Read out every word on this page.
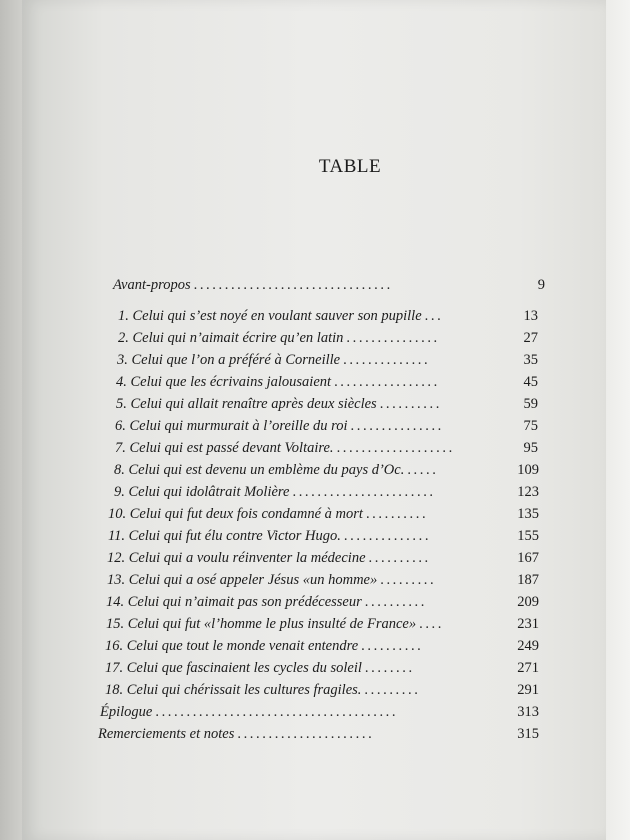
TABLE
Avant-propos ................................	9
1. Celui qui s’est noyé en voulant sauver son pupille ...	13
2. Celui qui n’aimait écrire qu’en latin ...............	27
3. Celui que l’on a préféré à Corneille ..............	35
4. Celui que les écrivains jalousaient .................	45
5. Celui qui allait renaître après deux siècles ..........	59
6. Celui qui murmurait à l’oreille du roi ...............	75
7. Celui qui est passé devant Voltaire. ...................	95
8. Celui qui est devenu un emblème du pays d’Oc. .....	109
9. Celui qui idolâtrait Molière .......................	123
10. Celui qui fut deux fois condamné à mort ..........	135
11. Celui qui fut élu contre Victor Hugo. ..............	155
12. Celui qui a voulu réinventer la médecine ..........	167
13. Celui qui a osé appeler Jésus «un homme» .........	187
14. Celui qui n’aimait pas son prédécesseur ..........	209
15. Celui qui fut «l’homme le plus insulté de France» ....	231
16. Celui que tout le monde venait entendre ..........	249
17. Celui que fascinaient les cycles du soleil ........	271
18. Celui qui chérissait les cultures fragiles. .........	291
Épilogue .......................................	313
Remerciements et notes ......................	315
